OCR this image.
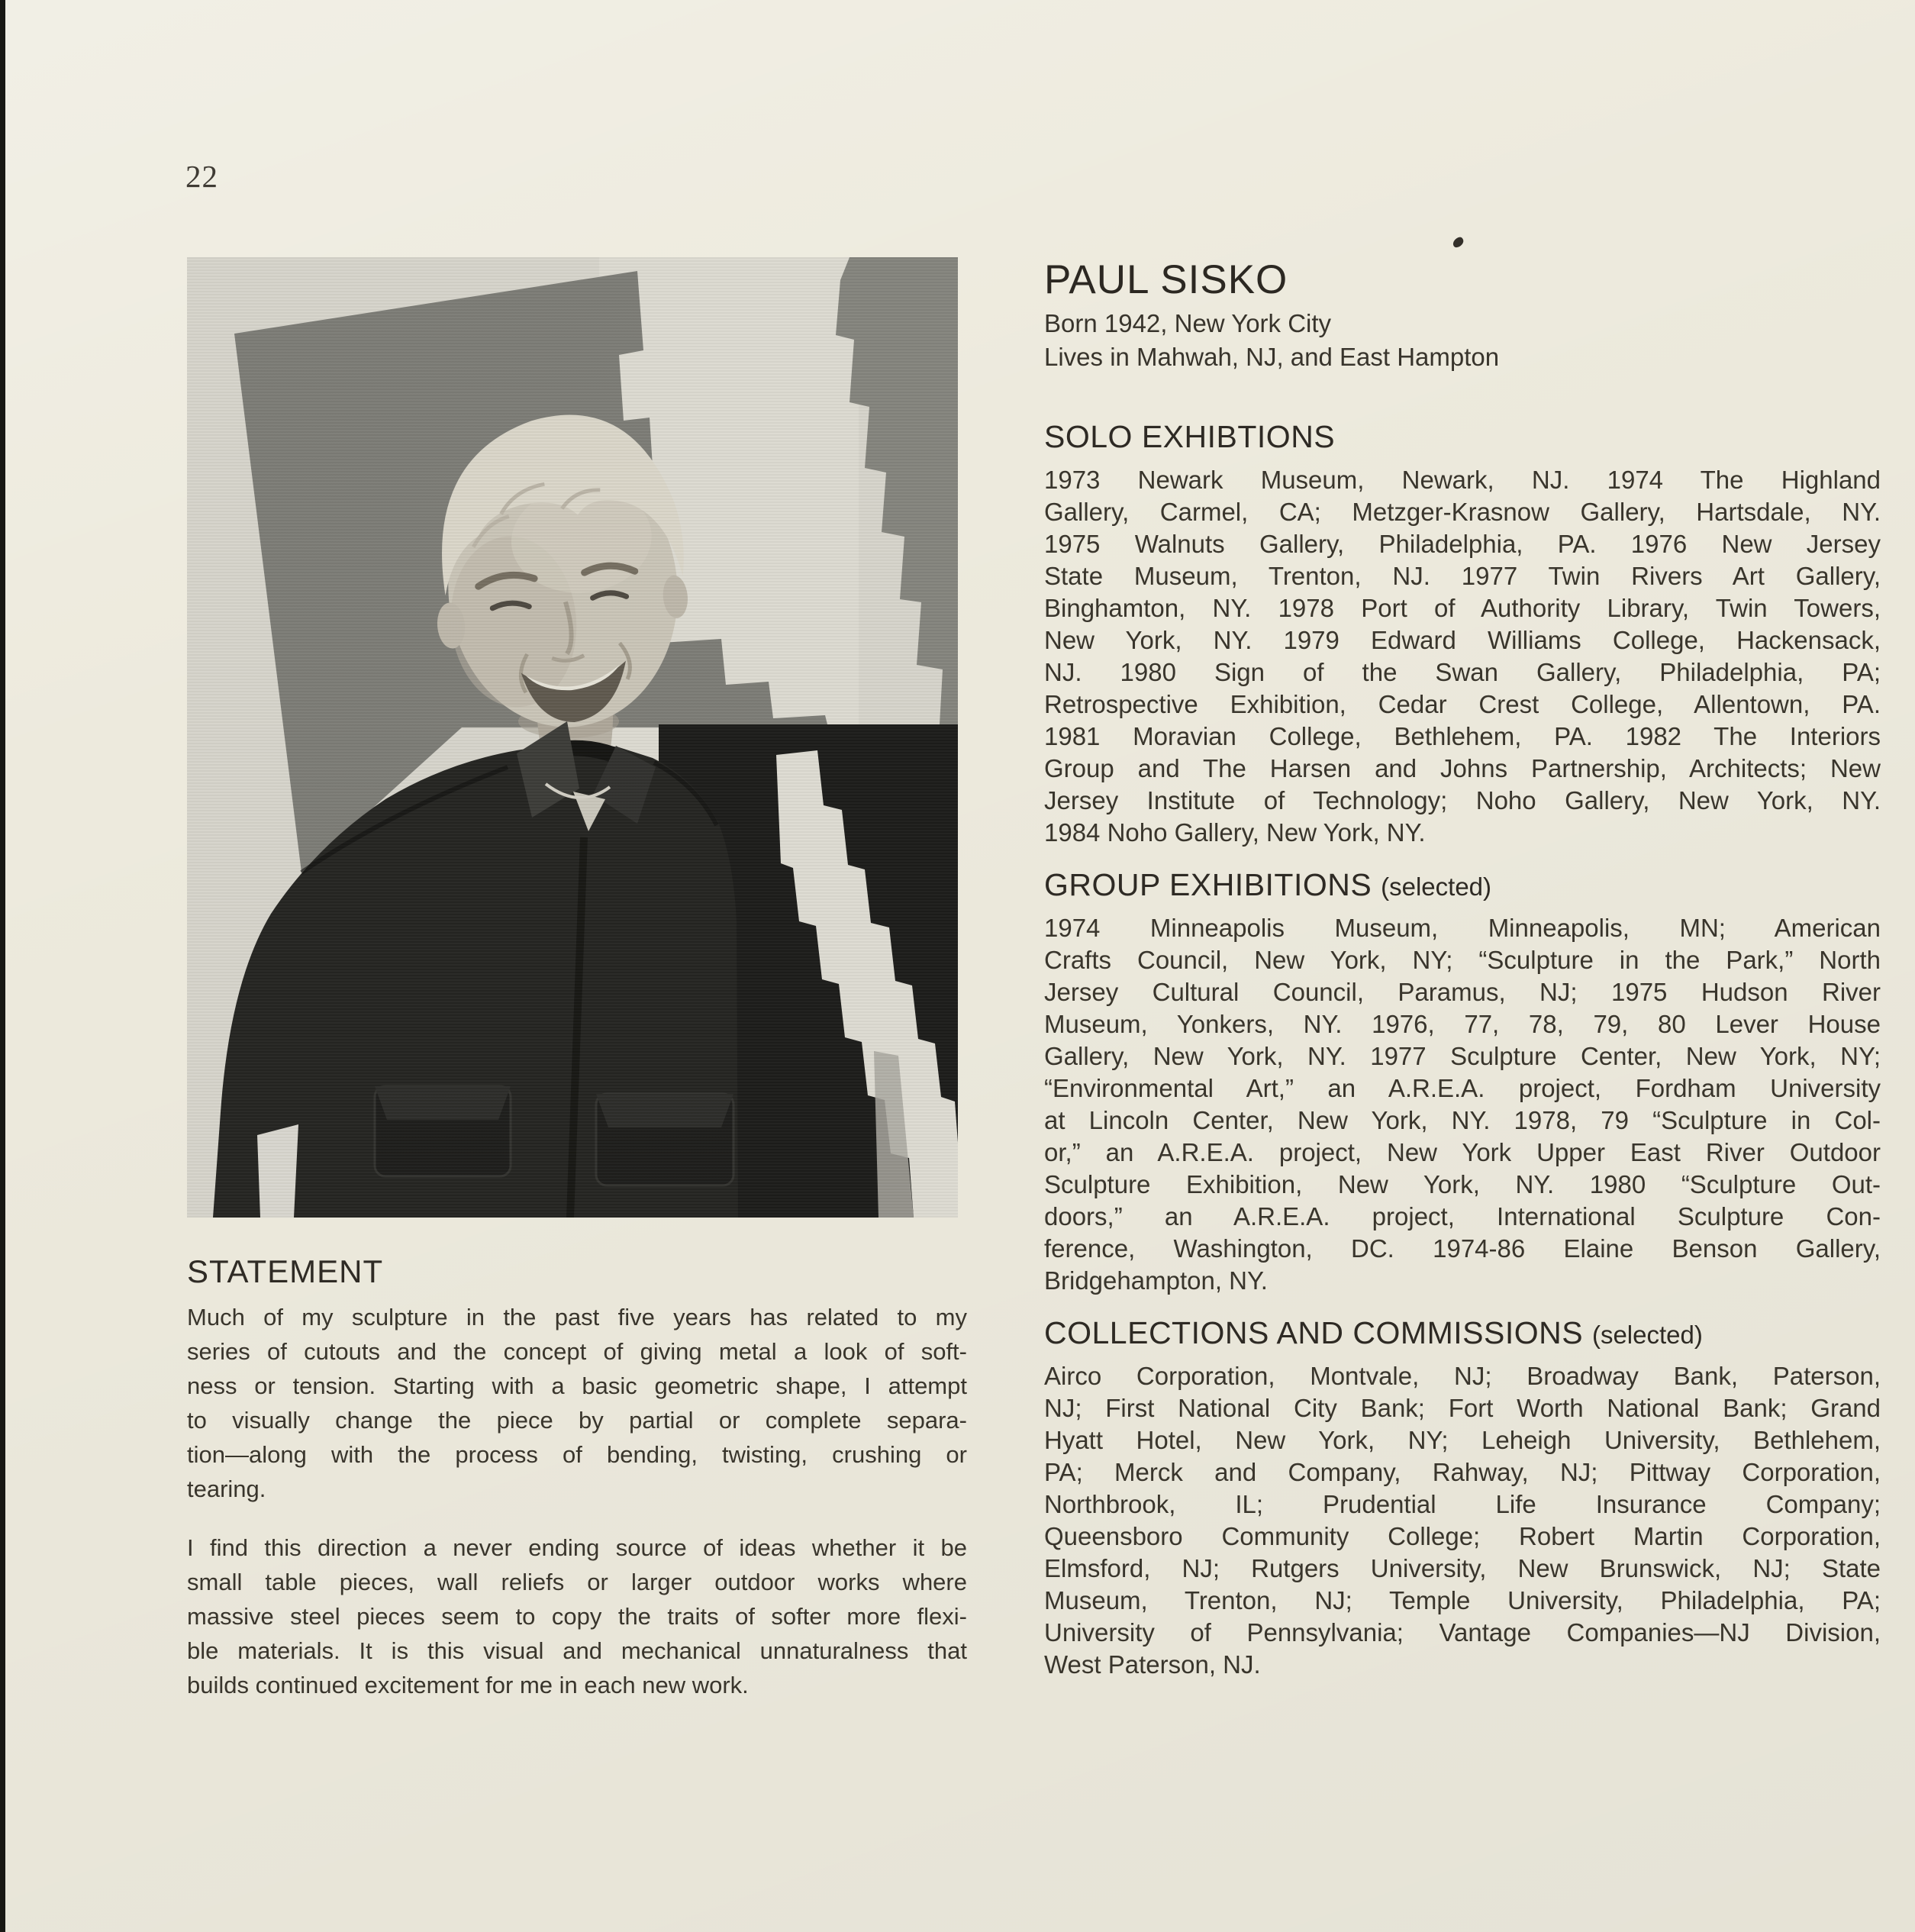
22
STATEMENT
Much of my sculpture in the past five years has related to my
series of cutouts and the concept of giving metal a look of soft-
ness or tension. Starting with a basic geometric shape, I attempt
to visually change the piece by partial or complete separa-
tion—along with the process of bending, twisting, crushing or
tearing.
I find this direction a never ending source of ideas whether it be
small table pieces, wall reliefs or larger outdoor works where
massive steel pieces seem to copy the traits of softer more flexi-
ble materials. It is this visual and mechanical unnaturalness that
builds continued excitement for me in each new work.
PAUL SISKO
Born 1942, New York City
Lives in Mahwah, NJ, and East Hampton
SOLO EXHIBTIONS
1973 Newark Museum, Newark, NJ. 1974 The Highland
Gallery, Carmel, CA; Metzger-Krasnow Gallery, Hartsdale, NY.
1975 Walnuts Gallery, Philadelphia, PA. 1976 New Jersey
State Museum, Trenton, NJ. 1977 Twin Rivers Art Gallery,
Binghamton, NY. 1978 Port of Authority Library, Twin Towers,
New York, NY. 1979 Edward Williams College, Hackensack,
NJ. 1980 Sign of the Swan Gallery, Philadelphia, PA;
Retrospective Exhibition, Cedar Crest College, Allentown, PA.
1981 Moravian College, Bethlehem, PA. 1982 The Interiors
Group and The Harsen and Johns Partnership, Architects; New
Jersey Institute of Technology; Noho Gallery, New York, NY.
1984 Noho Gallery, New York, NY.
GROUP EXHIBITIONS (selected)
1974 Minneapolis Museum, Minneapolis, MN; American
Crafts Council, New York, NY; “Sculpture in the Park,” North
Jersey Cultural Council, Paramus, NJ; 1975 Hudson River
Museum, Yonkers, NY. 1976, 77, 78, 79, 80 Lever House
Gallery, New York, NY. 1977 Sculpture Center, New York, NY;
“Environmental Art,” an A.R.E.A. project, Fordham University
at Lincoln Center, New York, NY. 1978, 79 “Sculpture in Col-
or,” an A.R.E.A. project, New York Upper East River Outdoor
Sculpture Exhibition, New York, NY. 1980 “Sculpture Out-
doors,” an A.R.E.A. project, International Sculpture Con-
ference, Washington, DC. 1974-86 Elaine Benson Gallery,
Bridgehampton, NY.
COLLECTIONS AND COMMISSIONS (selected)
Airco Corporation, Montvale, NJ; Broadway Bank, Paterson,
NJ; First National City Bank; Fort Worth National Bank; Grand
Hyatt Hotel, New York, NY; Leheigh University, Bethlehem,
PA; Merck and Company, Rahway, NJ; Pittway Corporation,
Northbrook, IL; Prudential Life Insurance Company;
Queensboro Community College; Robert Martin Corporation,
Elmsford, NJ; Rutgers University, New Brunswick, NJ; State
Museum, Trenton, NJ; Temple University, Philadelphia, PA;
University of Pennsylvania; Vantage Companies—NJ Division,
West Paterson, NJ.
